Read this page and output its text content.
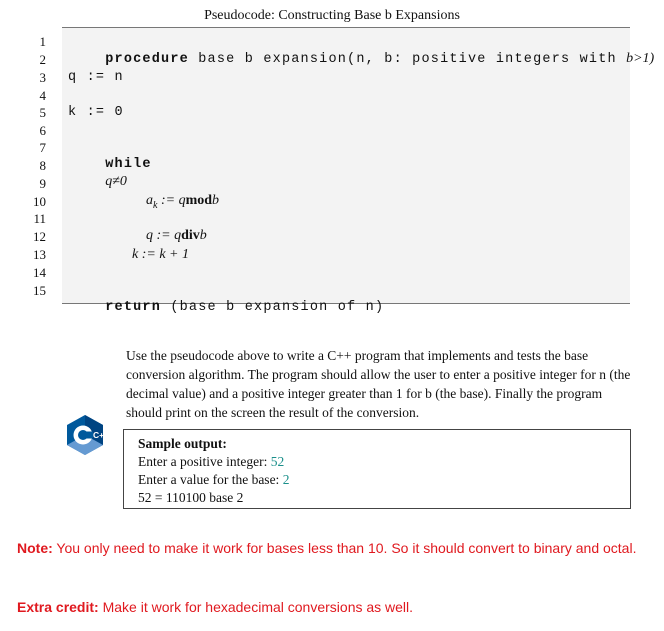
Pseudocode: Constructing Base b Expansions

1

procedure base b expansion(n, b: positive integers with b>1)

2

3

q := n

4

5

k := 0

6

7

while
q≠0

8

9

$a_k$ := qmodb

10

11

q := qdivb

12

13

	k := k + 1

14

15

return (base b expansion of n)

Use the pseudocode above to write a C++ program that implements and tests the base conversion algorithm. The program should allow the user to enter a positive integer for n (the decimal value) and a positive integer greater than 1 for b (the base). Finally the program should print on the screen the result of the conversion.
C++
Sample output:
Enter a positive integer: 52
Enter a value for the base: 2
52 = 110100 base 2
Note: You only need to make it work for bases less than 10. So it should convert to binary and octal.
Extra credit: Make it work for hexadecimal conversions as well.
